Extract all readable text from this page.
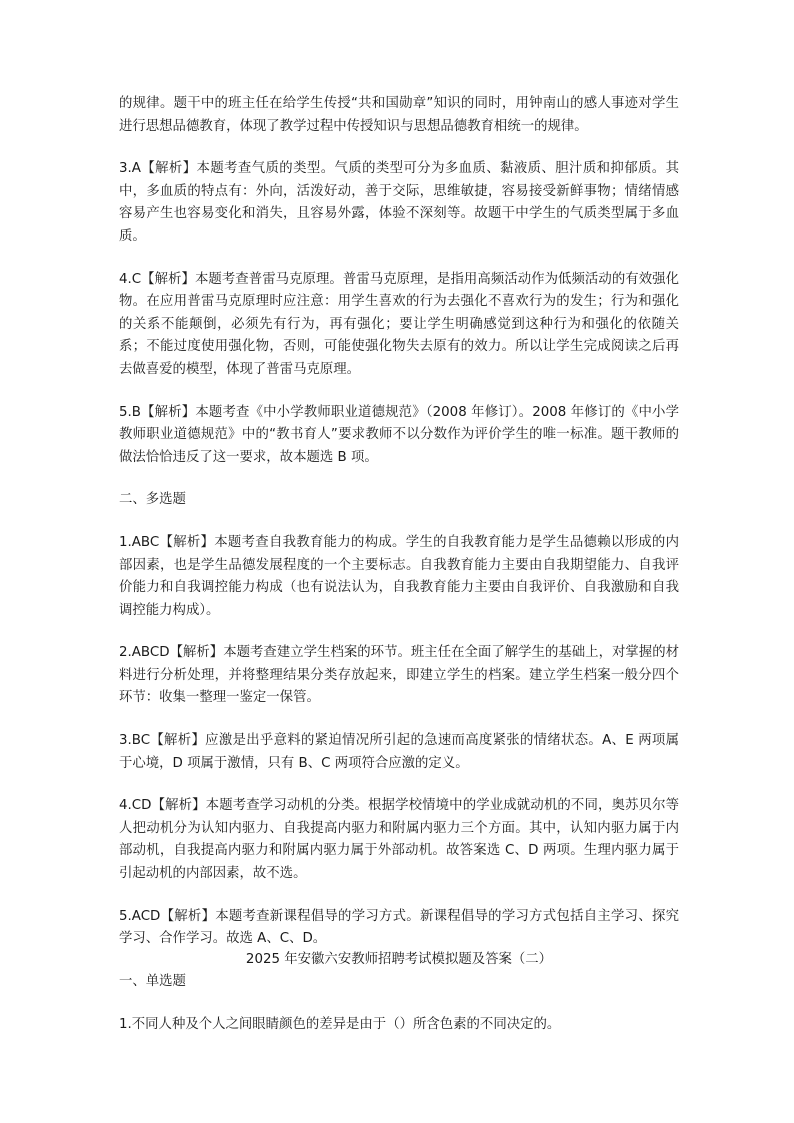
的规律。题干中的班主任在给学生传授“共和国勋章”知识的同时，用钟南山的感人事迹对学生进行思想品德教育，体现了教学过程中传授知识与思想品德教育相统一的规律。

3.A【解析】本题考查气质的类型。气质的类型可分为多血质、黏液质、胆汁质和抑郁质。其中，多血质的特点有：外向，活泼好动，善于交际，思维敏捷，容易接受新鲜事物；情绪情感容易产生也容易变化和消失，且容易外露，体验不深刻等。故题干中学生的气质类型属于多血质。

4.C【解析】本题考查普雷马克原理。普雷马克原理，是指用高频活动作为低频活动的有效强化物。在应用普雷马克原理时应注意：用学生喜欢的行为去强化不喜欢行为的发生；行为和强化的关系不能颠倒，必须先有行为，再有强化；要让学生明确感觉到这种行为和强化的依随关系；不能过度使用强化物，否则，可能使强化物失去原有的效力。所以让学生完成阅读之后再去做喜爱的模型，体现了普雷马克原理。

5.B【解析】本题考查《中小学教师职业道德规范》（2008 年修订）。2008 年修订的《中小学教师职业道德规范》中的“教书育人”要求教师不以分数作为评价学生的唯一标准。题干教师的做法恰恰违反了这一要求，故本题选 B 项。

二、多选题

1.ABC【解析】本题考查自我教育能力的构成。学生的自我教育能力是学生品德赖以形成的内部因素，也是学生品德发展程度的一个主要标志。自我教育能力主要由自我期望能力、自我评价能力和自我调控能力构成（也有说法认为，自我教育能力主要由自我评价、自我激励和自我调控能力构成）。

2.ABCD【解析】本题考查建立学生档案的环节。班主任在全面了解学生的基础上，对掌握的材料进行分析处理，并将整理结果分类存放起来，即建立学生的档案。建立学生档案一般分四个环节：收集一整理一鉴定一保管。

3.BC【解析】应激是出乎意料的紧迫情况所引起的急速而高度紧张的情绪状态。A、E 两项属于心境，D 项属于激情，只有 B、C 两项符合应激的定义。

4.CD【解析】本题考查学习动机的分类。根据学校情境中的学业成就动机的不同，奥苏贝尔等人把动机分为认知内驱力、自我提高内驱力和附属内驱力三个方面。其中，认知内驱力属于内部动机，自我提高内驱力和附属内驱力属于外部动机。故答案选 C、D 两项。生理内驱力属于引起动机的内部因素，故不选。

5.ACD【解析】本题考查新课程倡导的学习方式。新课程倡导的学习方式包括自主学习、探究学习、合作学习。故选 A、C、D。

2025 年安徽六安教师招聘考试模拟题及答案（二）

一、单选题

1.不同人种及个人之间眼睛颜色的差异是由于（）所含色素的不同决定的。
